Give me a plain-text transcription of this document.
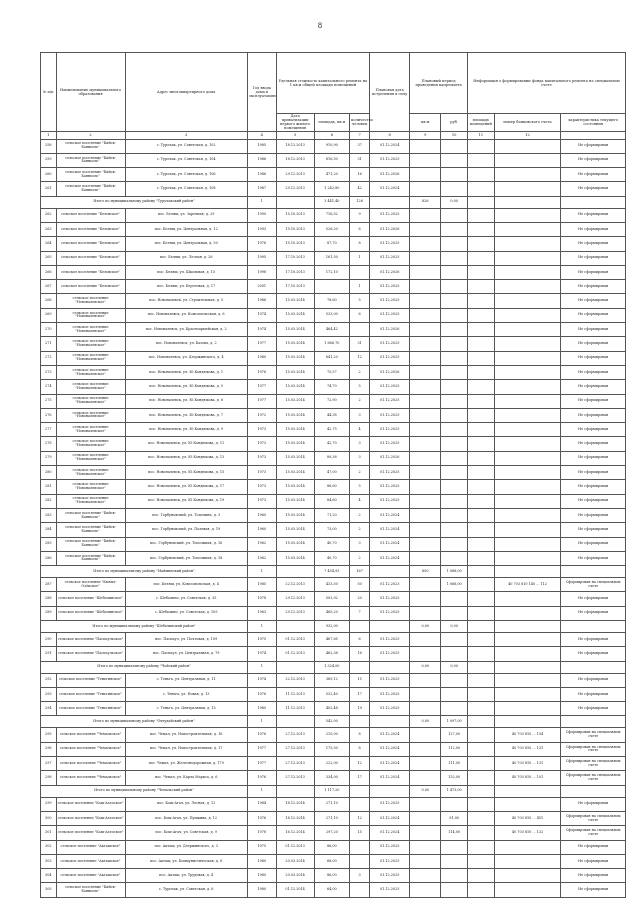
8
№ п/п	Наименование муниципального образования	Адрес многоквартирного дома	Год ввода дома в эксплуатацию	Удельная стоимость капитального ремонта на 1 кв.м общей площади помещений			Плановая дата вступления в силу	Плановый период проведения капремонта		Информация о формировании фонда капитального ремонта на специальном счете		
				Дата приватизации первого жилого помещения	площадь, кв.м	количество человек		кв.м	руб.	площадь помещений	номер банковского счета	характеристика текущего состояния
1	2	3	4	5	6	7	8	9	10	11	12	
258	сельское поселение "Бийск-Баяньоль"	с. Турочак, ул. Советская, д. 102	1985	18.12.2013	910,90	37	01.12.2024					Не сформирован
259	сельское поселение "Бийск-Баяньоль"	с. Турочак, ул. Советская, д. 104	1986	18.12.2013	816,50	31	01.12.2025					Не сформирован
260	сельское поселение "Бийск-Баяньоль"	с. Турочак, ул. Советская, д. 106	1986	29.12.2013	471,20	16	01.12.2026					Не сформирован
261	сельское поселение "Бийск-Баяньоль"	с. Турочак, ул. Советская, д. 108	1987	29.12.2013	1 242,80	42	01.12.2024					Не сформирован
Итого по муниципальному району "Турочакский район"			1		3 441,40	126		826	0,00			
262	сельское поселение "Беловское"	пос. Беляш, ул. Заречная, д. 29	1990	15.10.2013	716,52	9	01.12.2025					Не сформирован
263	сельское поселение "Беловское"	пос. Беляш, ул. Центральная, д. 12	1993	15.10.2013	526,20	6	01.12.2026					Не сформирован
264	сельское поселение "Беловское"	пос. Беляш, ул. Центральная, д. 50	1976	15.10.2013	87,70	8	01.12.2025					Не сформирован
265	сельское поселение "Беловское"	пос. Беляш, ул. Лесная, д. 26	1995	17.10.2013	161,50	1	01.12.2025					Не сформирован
266	сельское поселение "Беловское"	пос. Беляш, ул. Школьная, д. 15	1998	17.10.2013	172,10		01.12.2026					Не сформирован
267	сельское поселение "Беловское"	пос. Беляш, ул. Береговая, д. 17	2001	17.10.2013		1	01.12.2025					Не сформирован
268	сельское поселение "Новоналевское"	пос. Новоналевск, ул. Строительная, д. 5	1986	15.03.2014	78,60	5	01.12.2025					Не сформирован
269	сельское поселение "Новоналевское"	пос. Новоналевск, ул. Комсомольская, д. 6	1974	15.03.2014	533,00	6	01.12.2025					Не сформирован
270	сельское поселение "Новоналевское"	пос. Новоналевск, ул. Красноармейская, д. 2	1974	15.03.2014	464,42		01.12.2026					Не сформирован
271	сельское поселение "Новоналевское"	пос. Новоналевск, ул. Базова, д. 2	1977	15.03.2014	1 666,70	31	01.12.2025					Не сформирован
272	сельское поселение "Новоналевское"	пос. Новоналевск, ул. Дзержинского, д. 4	1980	15.03.2014	641,20	12	01.12.2025					Не сформирован
273	сельское поселение "Новоналевское"	пос. Новоналевск, ул. Ю.Кондюкова, д. 1	1976	15.03.2014	75,57	2	01.12.2026					Не сформирован
274	сельское поселение "Новоналевское"	пос. Новоналевск, ул. Ю.Кондюкова, д. 5	1977	15.03.2014	74,79	5	01.12.2025					Не сформирован
275	сельское поселение "Новоналевское"	пос. Новоналевск, ул. Ю.Кондюкова, д. 6	1977	15.03.2014	72,90	2	01.12.2025					Не сформирован
276	сельское поселение "Новоналевское"	пос. Новоналевск, ул. Ю.Кондюкова, д. 7	1972	15.03.2014	44,38	3	01.12.2025					Не сформирован
277	сельское поселение "Новоналевское"	пос. Новоналевск, ул. Ю.Кондюкова, д. 9	1973	15.03.2014	42,75	4	01.12.2025					Не сформирован
278	сельское поселение "Новоналевское"	пос. Новоналевск, ул. Ю.Кондюкова, д. 11	1973	15.03.2014	42,70	3	01.12.2025					Не сформирован
279	сельское поселение "Новоналевское"	пос. Новоналевск, ул. Ю.Кондюкова, д. 13	1973	15.03.2014	89,38	3	01.12.2026					Не сформирован
280	сельское поселение "Новоналевское"	пос. Новоналевск, ул. Ю.Кондюкова, д. 15	1973	15.03.2014	47,00	2	01.12.2025					Не сформирован
281	сельское поселение "Новоналевское"	пос. Новоналевск, ул. Ю.Кондюкова, д. 17	1973	15.03.2014	86,60	5	01.12.2025					Не сформирован
282	сельское поселение "Новоналевское"	пос. Новоналевск, ул. Ю.Кондюкова, д. 19	1973	15.03.2014	84,60	4	01.12.2025					Не сформирован
283	сельское поселение "Бийск-Баяньоль"	пос. Горбуновский, ул. Тополина, д. 3	1960	15.03.2014	71,20	2	01.12.2024					Не сформирован
284	сельское поселение "Бийск-Баяньоль"	пос. Горбуновский, ул. Полевая, д. 19	1960	15.03.2014	73,00	2	01.12.2024					Не сформирован
285	сельское поселение "Бийск-Баяньоль"	пос. Горбуновский, ул. Тополиная, д. 16	1962	15.03.2014	40,70	3	01.12.2024					Не сформирован
286	сельское поселение "Бийск-Баяньоль"	пос. Горбуновский, ул. Тополиная, д. 18	1962	15.03.2014	40,70	2	01.12.2024					Не сформирован
Итого по муниципальному району "Майминский район"			1		7 454,93	167		850	1 068,00			
287	сельское поселение "Кызыл-Озёкское"	пос. Беляш, ул. Комсомольская, д. 4	1985	22.12.2013	433,50	50	01.12.2023		1 068,00		40 703 810 140 ... 112	Сформирован на специальном счете
288	сельское поселение "Шебалинское"	с. Шебалино, ул. Советская, д. 35	1978	29.12.2013	503,92	20	01.12.2025					Не сформирован
289	сельское поселение "Шебалинское"	с. Шебалино, ул. Советская, д. 105	1963	29.12.2013	465,20	7	01.12.2025					Не сформирован
Итого по муниципальному району "Шебалинский район"			1		932,00			0,00	0,00			
290	сельское поселение "Паспаульское"	пос. Паспаул, ул. Почтовая, д. 109	1975	01.12.2013	467,85	6	01.12.2025					Не сформирован
291	сельское поселение "Паспаульское"	пос. Паспаул, ул. Центральная, д. 79	1974	01.12.2013	462,38	16	01.12.2025					Не сформирован
Итого по муниципальному району "Чойский район"			1		1 324,00			0,00	0,00			
292	сельское поселение "Теньгинское"	с. Теньга, ул. Центральная, д. 11	1974	22.12.2013	389,12	15	01.12.2025					Не сформирован
293	сельское поселение "Теньгинское"	с. Теньга, ул. Новая, д. 13	1976	11.12.2013	532,40	17	01.12.2025					Не сформирован
294	сельское поселение "Теньгинское"	с. Теньга, ул. Центральная, д. 15	1980	11.12.2013	402,48	19	01.12.2025					Не сформирован
Итого по муниципальному району "Онгудайский район"			1		542,00			0,00	1 097,00			
295	сельское поселение "Чемальское"	пос. Чемал, ул. Новостроительная, д. 16	1976	27.12.2013	210,00	8	01.12.2024		127,00		40 703 810 ... 154	Сформирован на специальном счете
296	сельское поселение "Чемальское"	пос. Чемал, ул. Новостроительная, д. 17	1977	27.12.2013	175,50	8	01.12.2024		112,00		40 703 810 ... 131	Сформирован на специальном счете
297	сельское поселение "Чемальское"	пос. Чемал, ул. Железнодорожная, д. 179	1977	27.12.2013	222,00	12	01.12.2024		111,00		40 703 810 ... 131	Сформирован на специальном счете
298	сельское поселение "Чемальское"	пос. Чемал, ул. Карла Маркса, д. 6	1976	27.12.2013	334,00	17	01.12.2024		132,00		40 703 810 ... 101	Сформирован на специальном счете
Итого по муниципальному району "Чемальский район"			1		1 117,20			0,00	1 473,00			
299	сельское поселение "Кош-Агачское"	пос. Кош-Агач, ул. Лесная, д. 12	1984	18.12.2014	271,10		01.12.2025					Не сформирован
300	сельское поселение "Кош-Агачское"	пос. Кош-Агач, ул. Пушкина, д. 12	1976	18.12.2014	271,10	12	01.12.2024		91,00		40 703 810 ... 451	Сформирован на специальном счете
301	сельское поселение "Кош-Агачское"	пос. Кош-Агач, ул. Советская, д. 9	1978	16.12.2014	297,20	15	01.12.2024		114,00		40 703 810 ... 132	Сформирован на специальном счете
302	сельское поселение "Акташское"	пос. Акташ, ул. Дзержинского, д. 3	1975	01.12.2013	86,00		01.12.2025					Не сформирован
303	сельское поселение "Акташское"	пос. Акташ, ул. Коммунистическая, д. 8	1980	20.03.2014	68,00		01.12.2025					Не сформирован
304	сельское поселение "Акташское"	пос. Акташ, ул. Трудовая, д. 4	1980	20.03.2014	86,00	3	01.12.2025					Не сформирован
305	сельское поселение "Бийск-Баяньоль"	с. Турочак, ул. Советская, д. 6	1980	01.12.2014	64,00		01.12.2025					Не сформирован
